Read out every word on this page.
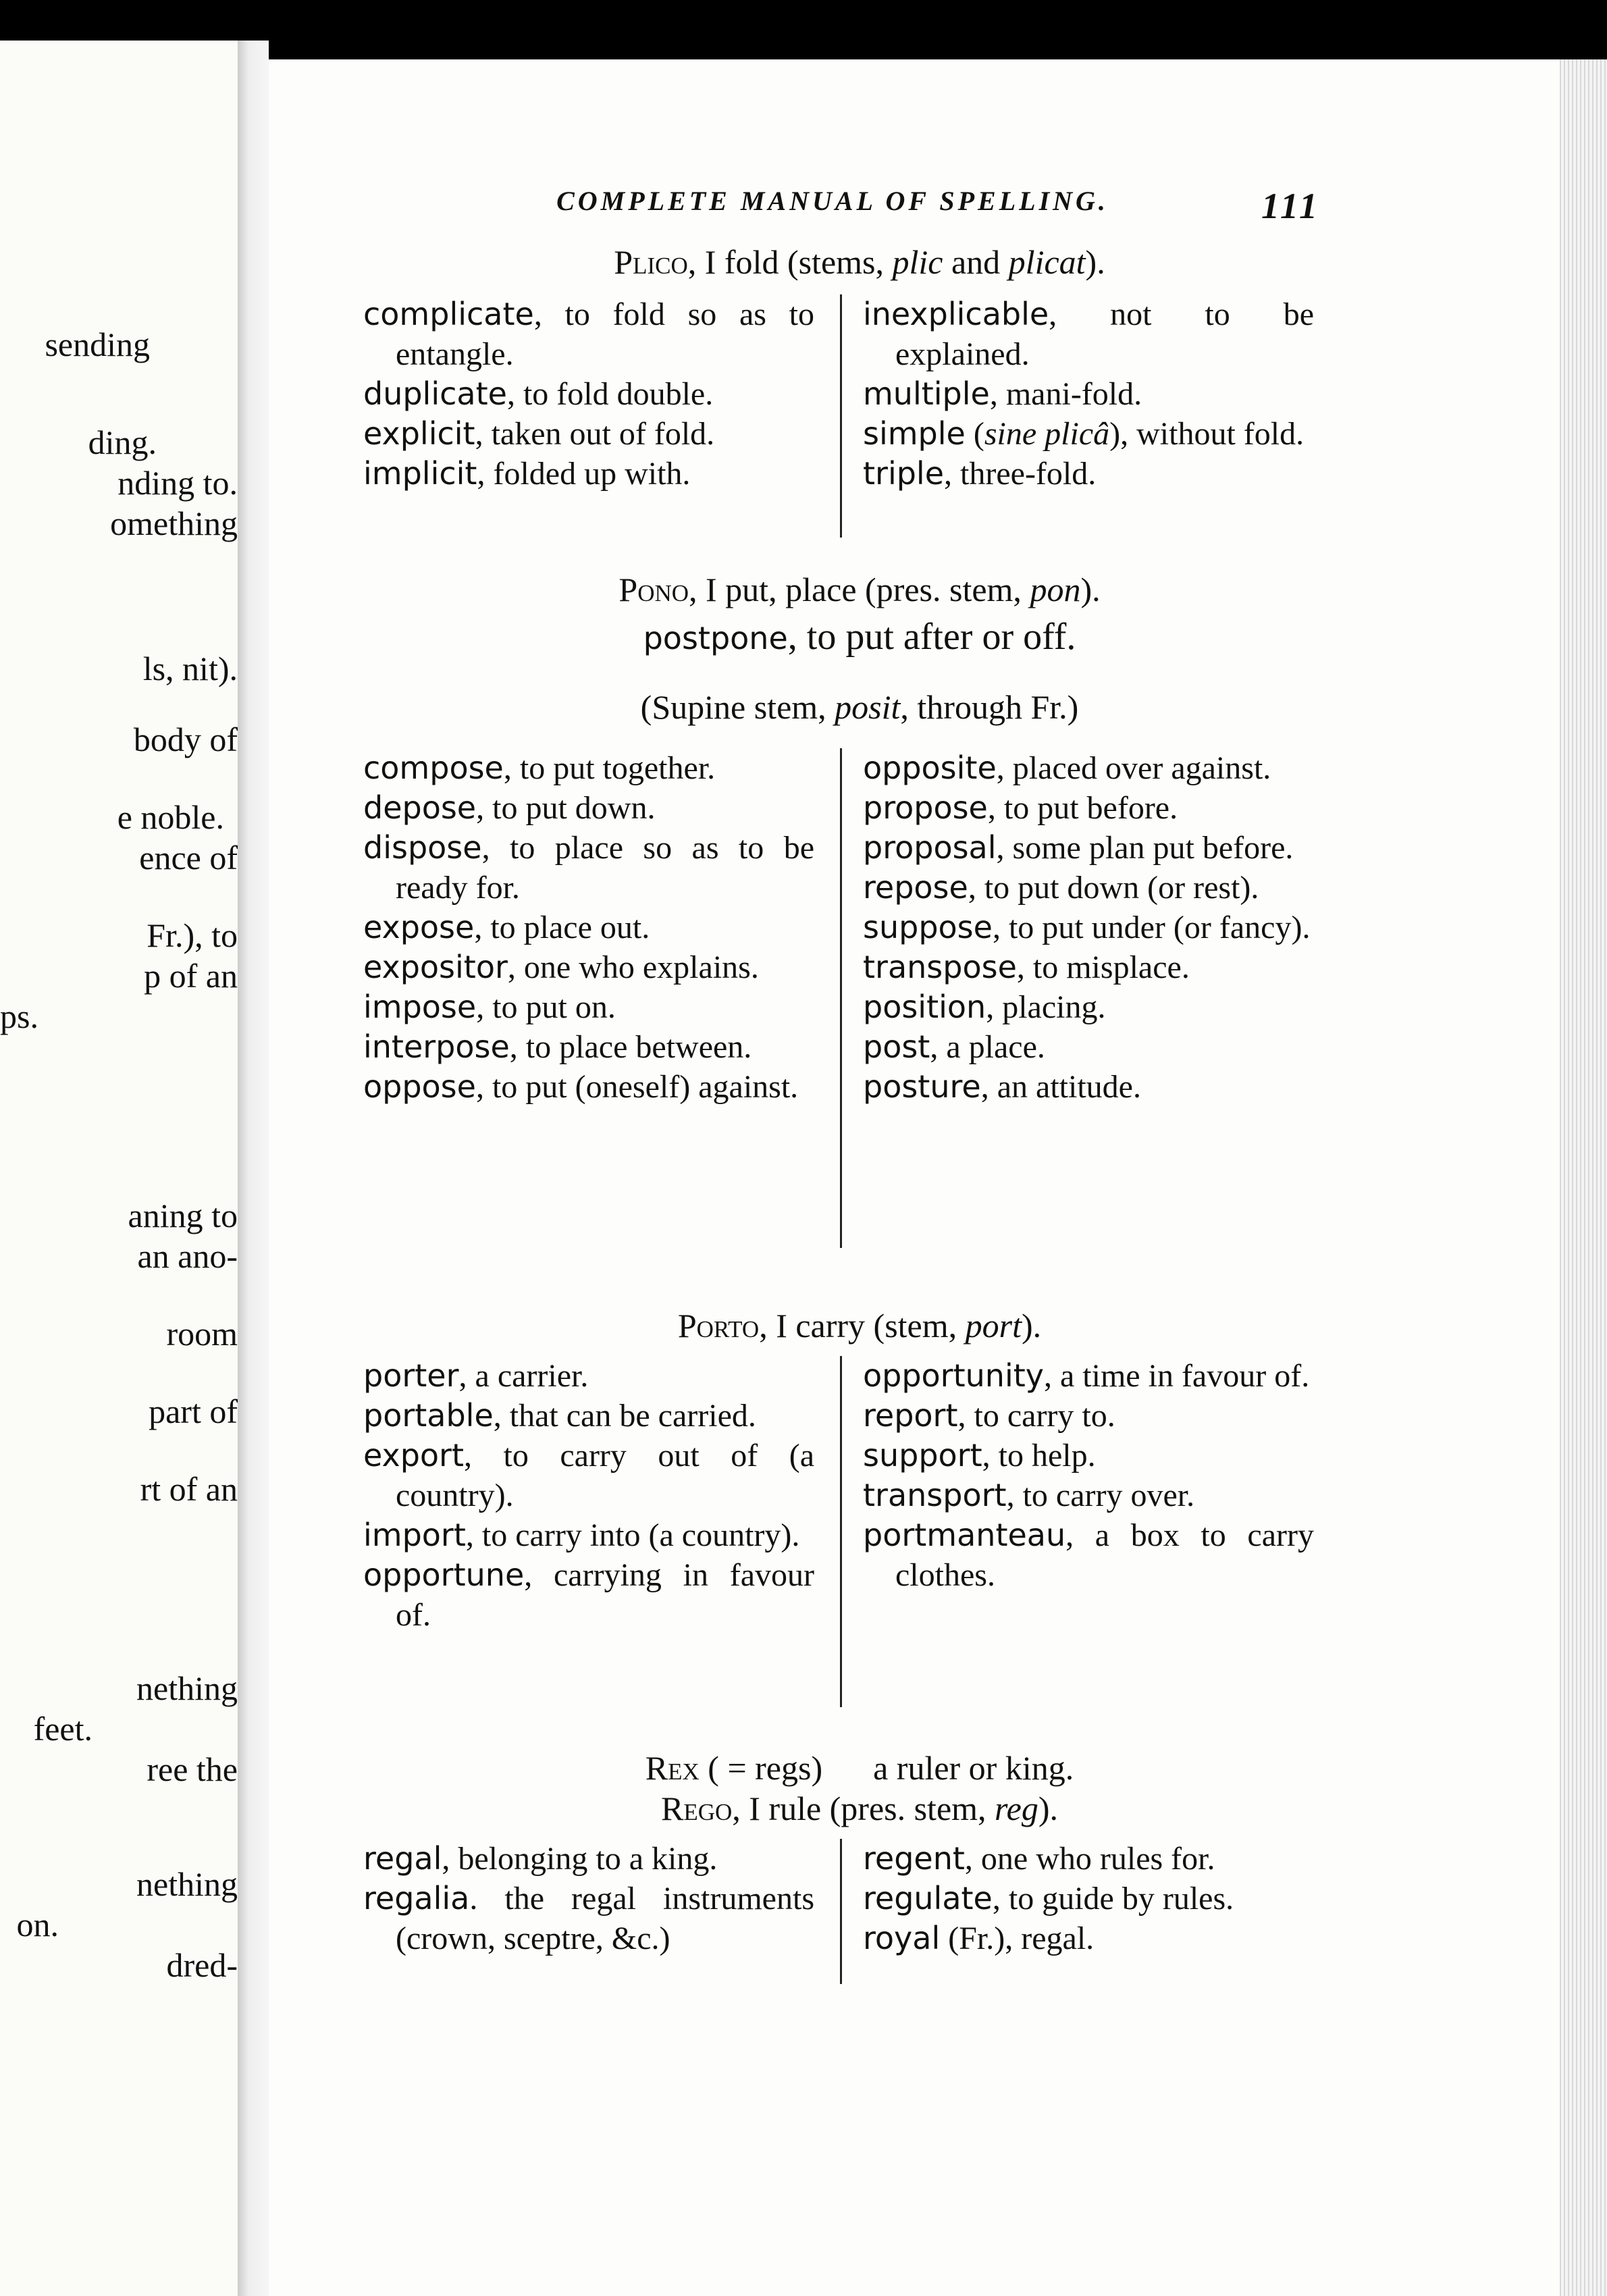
sending
ding.
nding to.
omething
ls, nit).
body of
e noble.
ence of
Fr.), to
p of an
ps.
aning to
an ano-
room
part of
rt of an
nething
feet.
ree the
nething
on.
dred-
COMPLETE MANUAL OF SPELLING.	111
Plico, I fold (stems, plic and plicat).
complicate, to fold so as to entangle.
duplicate, to fold double.
explicit, taken out of fold.
implicit, folded up with.
inexplicable, not to be explained.
multiple, mani-fold.
simple (sine plicâ), without fold.
triple, three-fold.
Pono, I put, place (pres. stem, pon).
postpone, to put after or off.
(Supine stem, posit, through Fr.)
compose, to put together.
depose, to put down.
dispose, to place so as to be ready for.
expose, to place out.
expositor, one who explains.
impose, to put on.
interpose, to place between.
oppose, to put (oneself) against.
opposite, placed over against.
propose, to put before.
proposal, some plan put before.
repose, to put down (or rest).
suppose, to put under (or fancy).
transpose, to misplace.
position, placing.
post, a place.
posture, an attitude.
Porto, I carry (stem, port).
porter, a carrier.
portable, that can be carried.
export, to carry out of (a country).
import, to carry into (a country).
opportune, carrying in favour of.
opportunity, a time in favour of.
report, to carry to.
support, to help.
transport, to carry over.
portmanteau, a box to carry clothes.
Rex ( = regs)      a ruler or king.
Rego, I rule (pres. stem, reg).
regal, belonging to a king.
regalia. the regal instruments (crown, sceptre, &c.)
regent, one who rules for.
regulate, to guide by rules.
royal (Fr.), regal.
